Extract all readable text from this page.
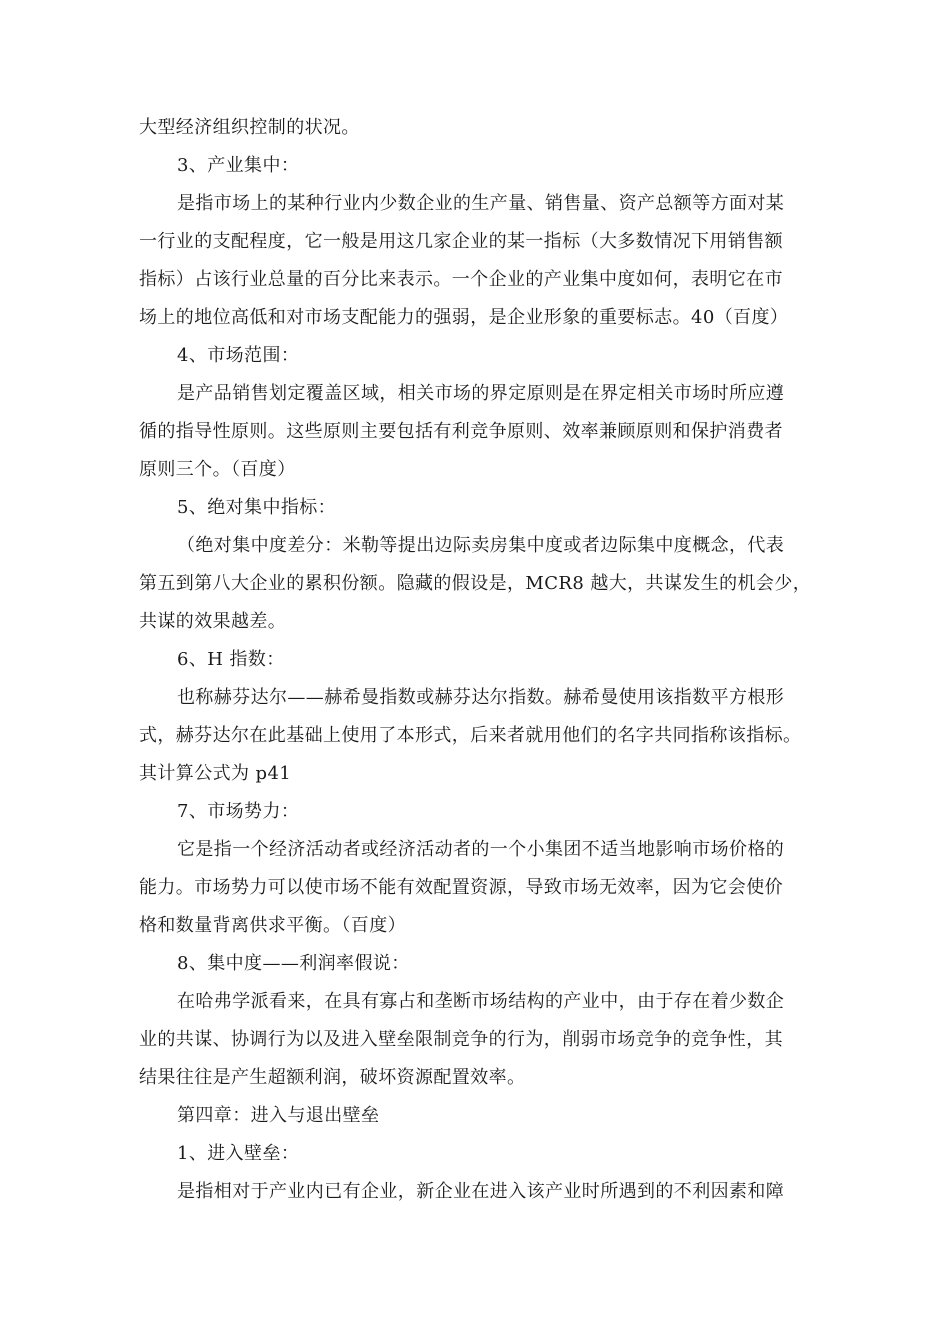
大型经济组织控制的状况。
3、产业集中：
是指市场上的某种行业内少数企业的生产量、销售量、资产总额等方面对某
一行业的支配程度，它一般是用这几家企业的某一指标（大多数情况下用销售额
指标）占该行业总量的百分比来表示。一个企业的产业集中度如何，表明它在市
场上的地位高低和对市场支配能力的强弱，是企业形象的重要标志。40（百度）
4、市场范围：
是产品销售划定覆盖区域，相关市场的界定原则是在界定相关市场时所应遵
循的指导性原则。这些原则主要包括有利竞争原则、效率兼顾原则和保护消费者
原则三个。（百度）
5、绝对集中指标：
（绝对集中度差分：米勒等提出边际卖房集中度或者边际集中度概念，代表
第五到第八大企业的累积份额。隐藏的假设是，MCR8 越大，共谋发生的机会少，
共谋的效果越差。
6、H 指数：
也称赫芬达尔——赫希曼指数或赫芬达尔指数。赫希曼使用该指数平方根形
式，赫芬达尔在此基础上使用了本形式，后来者就用他们的名字共同指称该指标。
其计算公式为 p41
7、市场势力：
它是指一个经济活动者或经济活动者的一个小集团不适当地影响市场价格的
能力。市场势力可以使市场不能有效配置资源，导致市场无效率，因为它会使价
格和数量背离供求平衡。（百度）
8、集中度——利润率假说：
在哈弗学派看来，在具有寡占和垄断市场结构的产业中，由于存在着少数企
业的共谋、协调行为以及进入壁垒限制竞争的行为，削弱市场竞争的竞争性，其
结果往往是产生超额利润，破坏资源配置效率。
第四章：进入与退出壁垒
1、进入壁垒：
是指相对于产业内已有企业，新企业在进入该产业时所遇到的不利因素和障
